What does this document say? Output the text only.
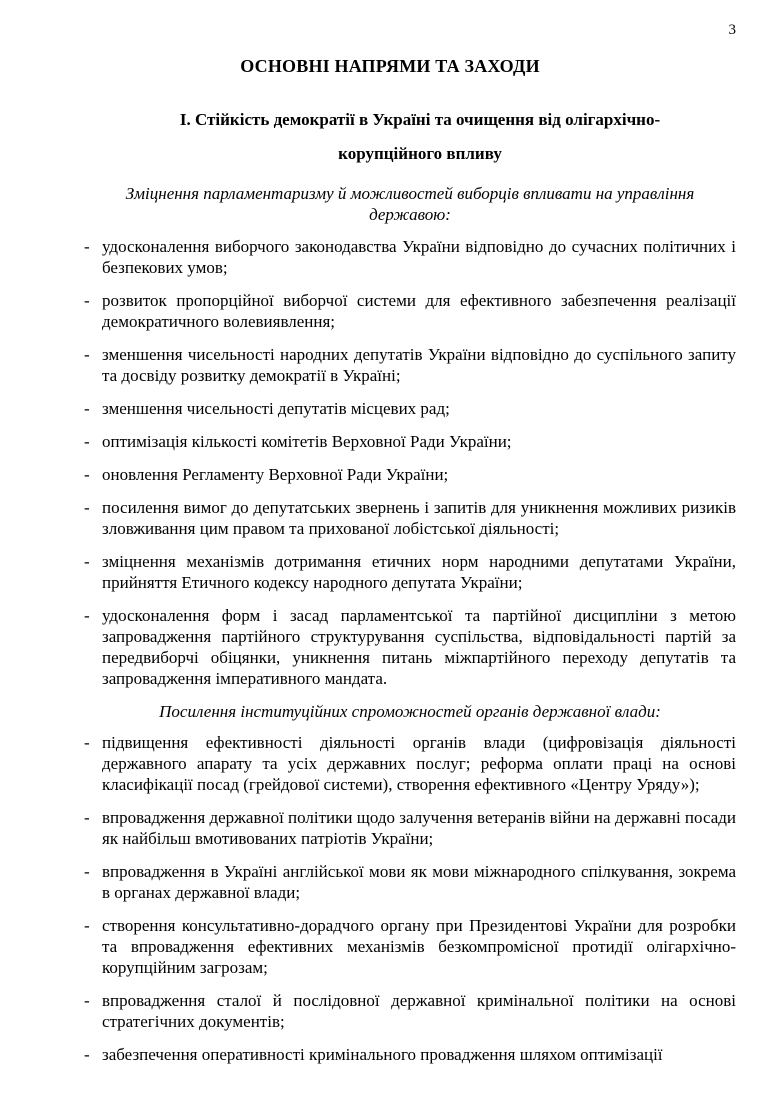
3
ОСНОВНІ НАПРЯМИ ТА ЗАХОДИ
І. Стійкість демократії в Україні та очищення від олігархічно-
корупційного впливу
Зміцнення парламентаризму й можливостей виборців впливати на управління державою:
- удосконалення виборчого законодавства України відповідно до сучасних політичних і безпекових умов;
- розвиток пропорційної виборчої системи для ефективного забезпечення реалізації демократичного волевиявлення;
- зменшення чисельності народних депутатів України відповідно до суспільного запиту та досвіду розвитку демократії в Україні;
- зменшення чисельності депутатів місцевих рад;
- оптимізація кількості комітетів Верховної Ради України;
- оновлення Регламенту Верховної Ради України;
- посилення вимог до депутатських звернень і запитів для уникнення можливих ризиків зловживання цим правом та прихованої лобістської діяльності;
- зміцнення механізмів дотримання етичних норм народними депутатами України, прийняття Етичного кодексу народного депутата України;
- удосконалення форм і засад парламентської та партійної дисципліни з метою запровадження партійного структурування суспільства, відповідальності партій за передвиборчі обіцянки, уникнення питань міжпартійного переходу депутатів та запровадження імперативного мандата.
Посилення інституційних спроможностей органів державної влади:
- підвищення ефективності діяльності органів влади (цифровізація діяльності державного апарату та усіх державних послуг; реформа оплати праці на основі класифікації посад (грейдової системи), створення ефективного «Центру Уряду»);
- впровадження державної політики щодо залучення ветеранів війни на державні посади як найбільш вмотивованих патріотів України;
- впровадження в Україні англійської мови як мови міжнародного спілкування, зокрема в органах державної влади;
- створення консультативно-дорадчого органу при Президентові України для розробки та впровадження ефективних механізмів безкомпромісної протидії олігархічно-корупційним загрозам;
- впровадження сталої й послідовної державної кримінальної політики на основі стратегічних документів;
- забезпечення оперативності кримінального провадження шляхом оптимізації
